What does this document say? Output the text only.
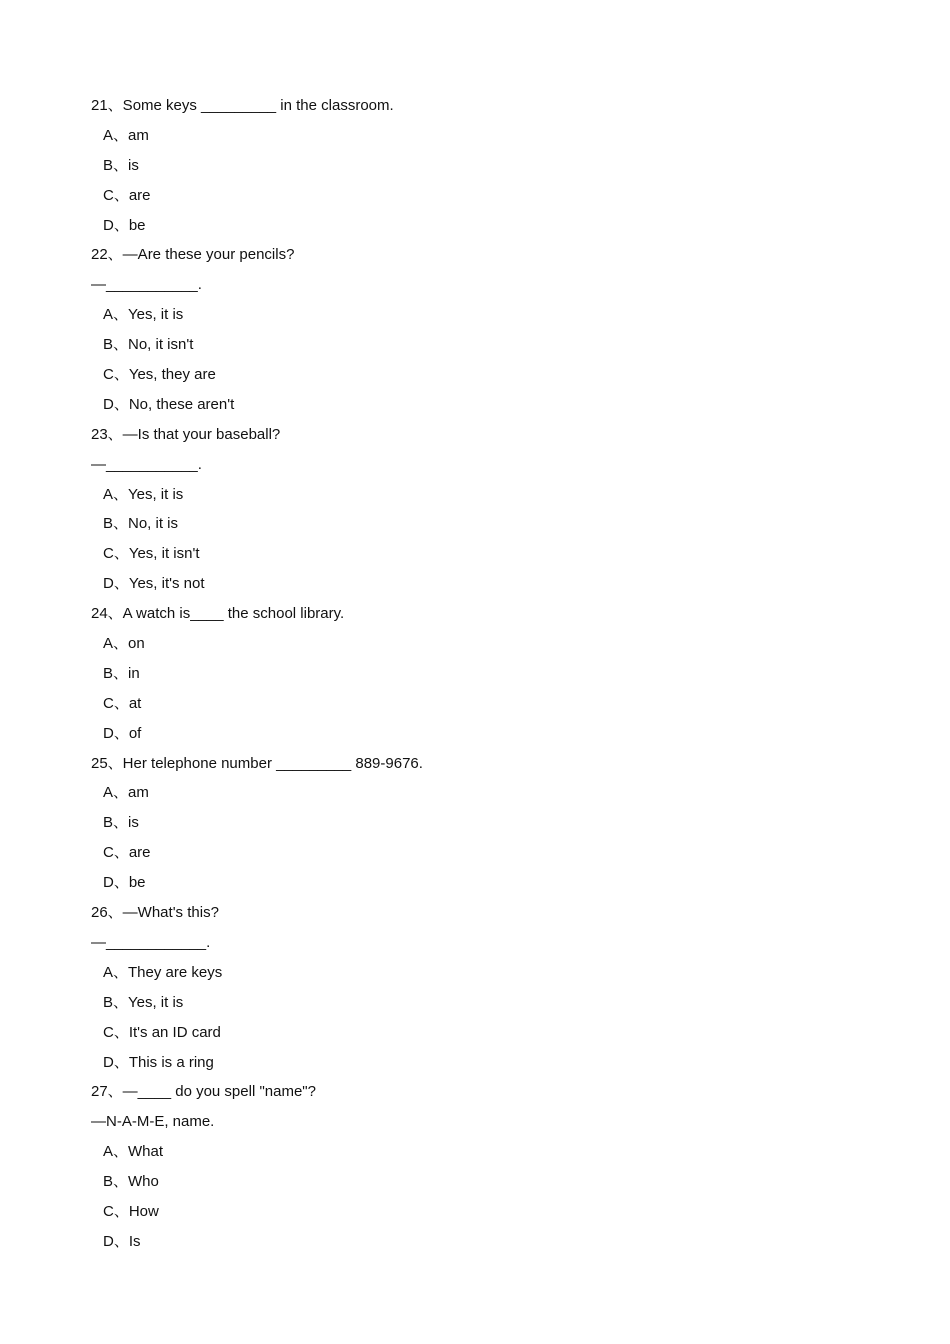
21、Some keys _________ in the classroom.
A、am
B、is
C、are
D、be
22、—Are these your pencils?
—___________.
A、Yes, it is
B、No, it isn't
C、Yes, they are
D、No, these aren't
23、—Is that your baseball?
—___________.
A、Yes, it is
B、No, it is
C、Yes, it isn't
D、Yes, it's not
24、A watch is____ the school library.
A、on
B、in
C、at
D、of
25、Her telephone number _________ 889-9676.
A、am
B、is
C、are
D、be
26、—What's this?
—____________.
A、They are keys
B、Yes, it is
C、It's an ID card
D、This is a ring
27、—____ do you spell "name"?
—N-A-M-E, name.
A、What
B、Who
C、How
D、Is
